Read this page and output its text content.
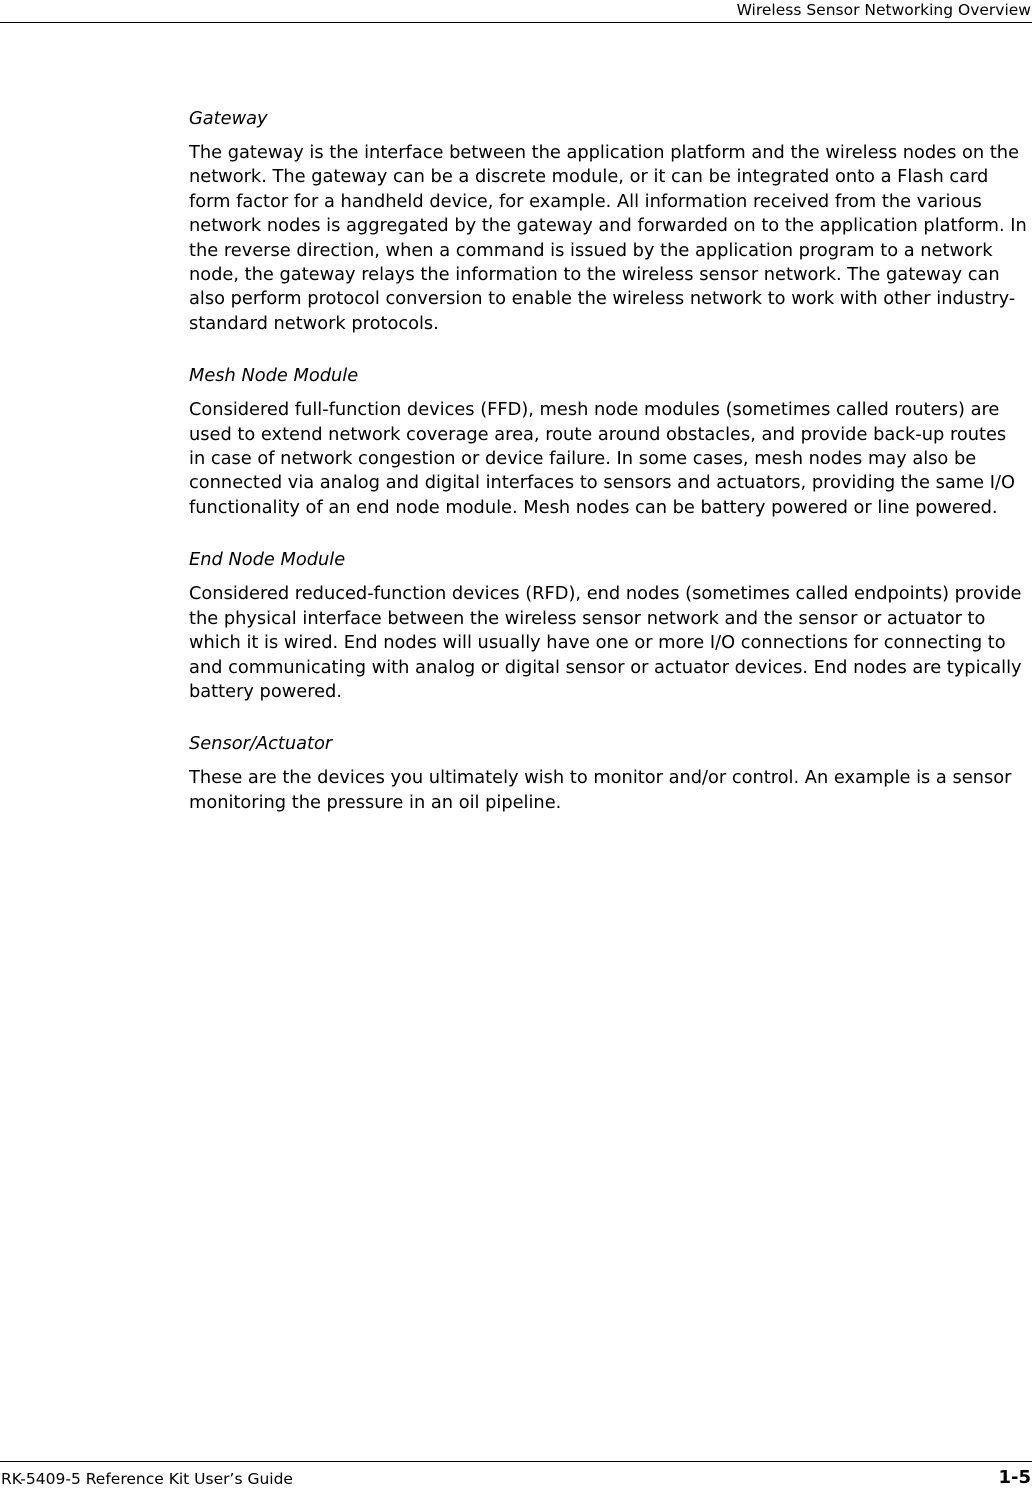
Wireless Sensor Networking Overview
Gateway

The gateway is the interface between the application platform and the wireless nodes on the network. The gateway can be a discrete module, or it can be integrated onto a Flash card form factor for a handheld device, for example. All information received from the various network nodes is aggregated by the gateway and forwarded on to the application platform. In the reverse direction, when a command is issued by the application program to a network node, the gateway relays the information to the wireless sensor network. The gateway can also perform protocol conversion to enable the wireless network to work with other industry-standard network protocols.

Mesh Node Module

Considered full-function devices (FFD), mesh node modules (sometimes called routers) are used to extend network coverage area, route around obstacles, and provide back-up routes in case of network congestion or device failure. In some cases, mesh nodes may also be connected via analog and digital interfaces to sensors and actuators, providing the same I/O functionality of an end node module. Mesh nodes can be battery powered or line powered.

End Node Module

Considered reduced-function devices (RFD), end nodes (sometimes called endpoints) provide the physical interface between the wireless sensor network and the sensor or actuator to which it is wired. End nodes will usually have one or more I/O connections for connecting to and communicating with analog or digital sensor or actuator devices. End nodes are typically battery powered.

Sensor/Actuator

These are the devices you ultimately wish to monitor and/or control. An example is a sensor monitoring the pressure in an oil pipeline.

RK-5409-5 Reference Kit User’s Guide	1-5
